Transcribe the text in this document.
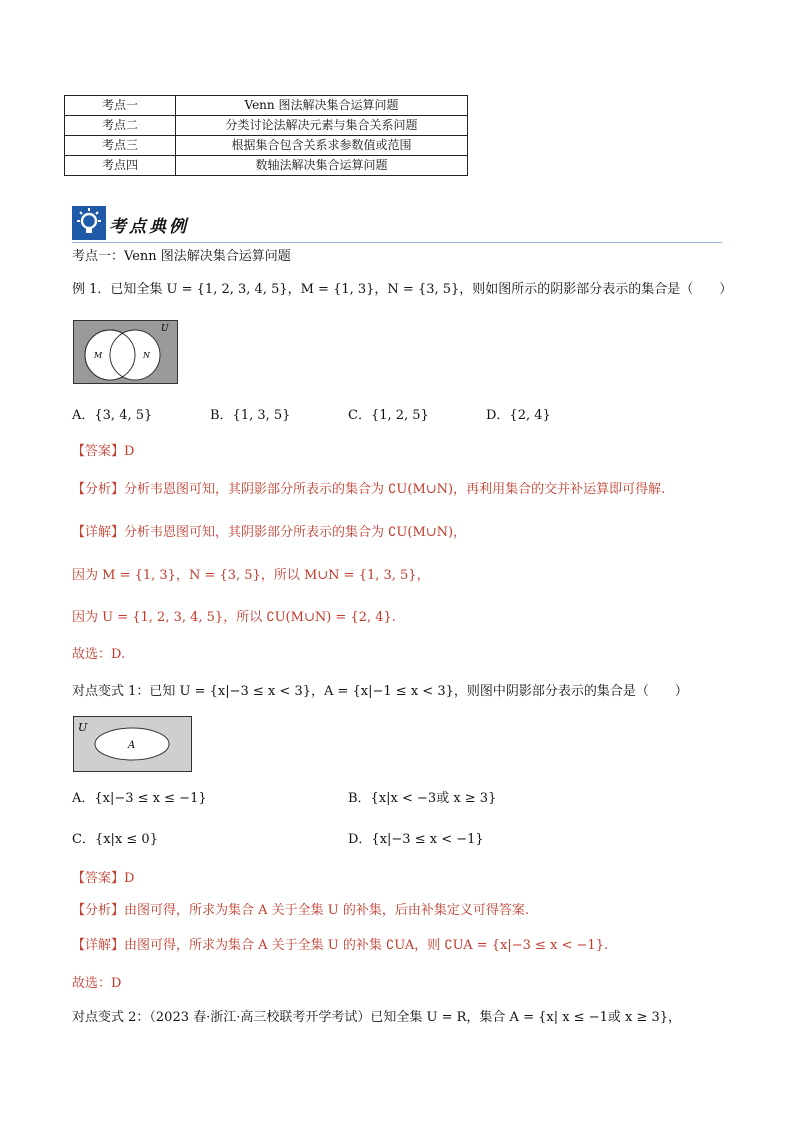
考点一	Venn 图法解决集合运算问题
考点二	分类讨论法解决元素与集合关系问题
考点三	根据集合包含关系求参数值或范围
考点四	数轴法解决集合运算问题
考点典例
考点一：Venn 图法解决集合运算问题
例 1．已知全集 U = {1, 2, 3, 4, 5}，M = {1, 3}，N = {3, 5}，则如图所示的阴影部分表示的集合是（　　）
U
M	N
A．{3, 4, 5}	B．{1, 3, 5}	C．{1, 2, 5}	D．{2, 4}
【答案】D
【分析】分析韦恩图可知，其阴影部分所表示的集合为 ∁U(M∪N)，再利用集合的交并补运算即可得解.
【详解】分析韦恩图可知，其阴影部分所表示的集合为 ∁U(M∪N)，
因为 M = {1, 3}，N = {3, 5}，所以 M∪N = {1, 3, 5}，
因为 U = {1, 2, 3, 4, 5}，所以 ∁U(M∪N) = {2, 4}.
故选：D.
对点变式 1：已知 U = {x|−3 ≤ x < 3}，A = {x|−1 ≤ x < 3}，则图中阴影部分表示的集合是（　　）
U
A
A．{x|−3 ≤ x ≤ −1}	B．{x|x < −3或 x ≥ 3}
C．{x|x ≤ 0}	D．{x|−3 ≤ x < −1}
【答案】D
【分析】由图可得，所求为集合 A 关于全集 U 的补集，后由补集定义可得答案.
【详解】由图可得，所求为集合 A 关于全集 U 的补集 ∁UA，则 ∁UA = {x|−3 ≤ x < −1}.
故选：D
对点变式 2：（2023 春·浙江·高三校联考开学考试）已知全集 U = R，集合 A = {x| x ≤ −1或 x ≥ 3}，
